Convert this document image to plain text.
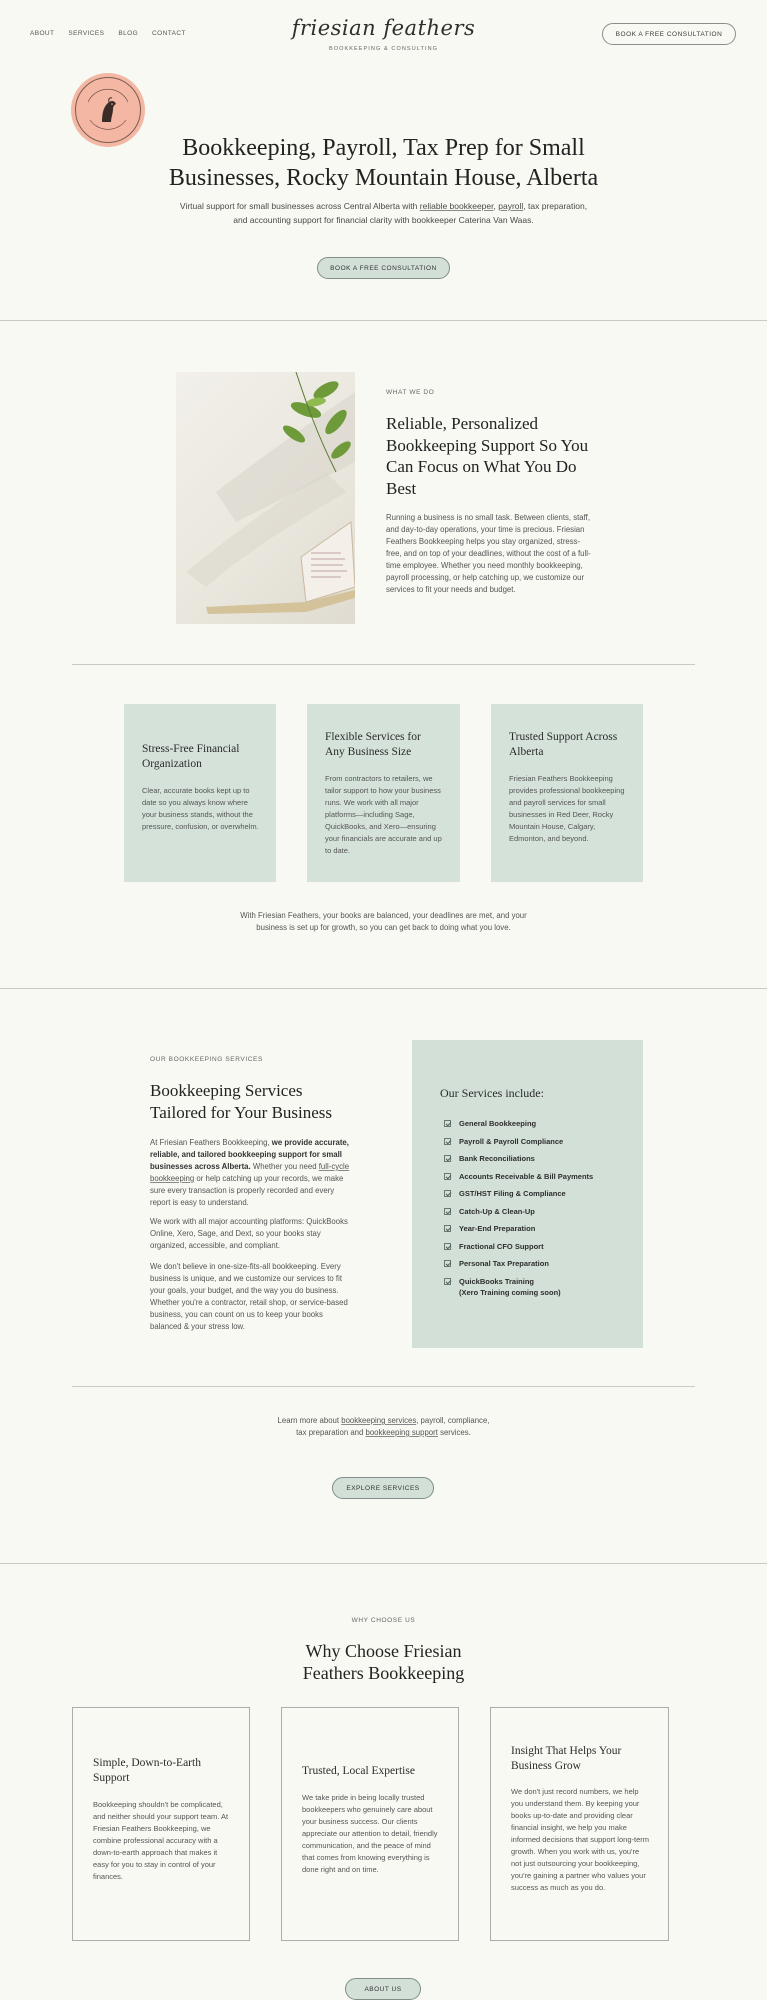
ABOUT SERVICES BLOG CONTACT	friesian feathers
BOOKKEEPING & CONSULTING
BOOK A FREE CONSULTATION
Bookkeeping, Payroll, Tax Prep for Small
Businesses, Rocky Mountain House, Alberta
Virtual support for small businesses across Central Alberta with reliable bookkeeper, payroll, tax preparation,
and accounting support for financial clarity with bookkeeper Caterina Van Waas.
BOOK A FREE CONSULTATION
WHAT WE DO
Reliable, Personalized Bookkeeping Support So You Can Focus on What You Do Best
Running a business is no small task. Between clients, staff, and day-to-day operations, your time is precious. Friesian Feathers Bookkeeping helps you stay organized, stress-free, and on top of your deadlines, without the cost of a full-time employee. Whether you need monthly bookkeeping, payroll processing, or help catching up, we customize our services to fit your needs and budget.
Stress-Free Financial Organization

Clear, accurate books kept up to date so you always know where your business stands, without the pressure, confusion, or overwhelm.

Flexible Services for Any Business Size

From contractors to retailers, we tailor support to how your business runs. We work with all major platforms—including Sage, QuickBooks, and Xero—ensuring your financials are accurate and up to date.

Trusted Support Across Alberta

Friesian Feathers Bookkeeping provides professional bookkeeping and payroll services for small businesses in Red Deer, Rocky Mountain House, Calgary, Edmonton, and beyond.

With Friesian Feathers, your books are balanced, your deadlines are met, and your business is set up for growth, so you can get back to doing what you love.
OUR BOOKKEEPING SERVICES
Bookkeeping Services Tailored for Your Business
At Friesian Feathers Bookkeeping, we provide accurate, reliable, and tailored bookkeeping support for small businesses across Alberta. Whether you need full-cycle bookkeeping or help catching up your records, we make sure every transaction is properly recorded and every report is easy to understand.
We work with all major accounting platforms: QuickBooks Online, Xero, Sage, and Dext, so your books stay organized, accessible, and compliant.
We don't believe in one-size-fits-all bookkeeping. Every business is unique, and we customize our services to fit your goals, your budget, and the way you do business. Whether you're a contractor, retail shop, or service-based business, you can count on us to keep your books balanced & your stress low.
Our Services include:
General Bookkeeping
Payroll & Payroll Compliance
Bank Reconciliations
Accounts Receivable & Bill Payments
GST/HST Filing & Compliance
Catch-Up & Clean-Up
Year-End Preparation
Fractional CFO Support
Personal Tax Preparation
QuickBooks Training
(Xero Training coming soon)
Learn more about bookkeeping services, payroll, compliance,
tax preparation and bookkeeping support services.
EXPLORE SERVICES
WHY CHOOSE US
Why Choose Friesian
Feathers Bookkeeping
Simple, Down-to-Earth Support

Bookkeeping shouldn't be complicated, and neither should your support team. At Friesian Feathers Bookkeeping, we combine professional accuracy with a down-to-earth approach that makes it easy for you to stay in control of your finances.

Trusted, Local Expertise

We take pride in being locally trusted bookkeepers who genuinely care about your business success. Our clients appreciate our attention to detail, friendly communication, and the peace of mind that comes from knowing everything is done right and on time.

Insight That Helps Your Business Grow

We don't just record numbers, we help you understand them. By keeping your books up-to-date and providing clear financial insight, we help you make informed decisions that support long-term growth. When you work with us, you're not just outsourcing your bookkeeping, you're gaining a partner who values your success as much as you do.

ABOUT US
